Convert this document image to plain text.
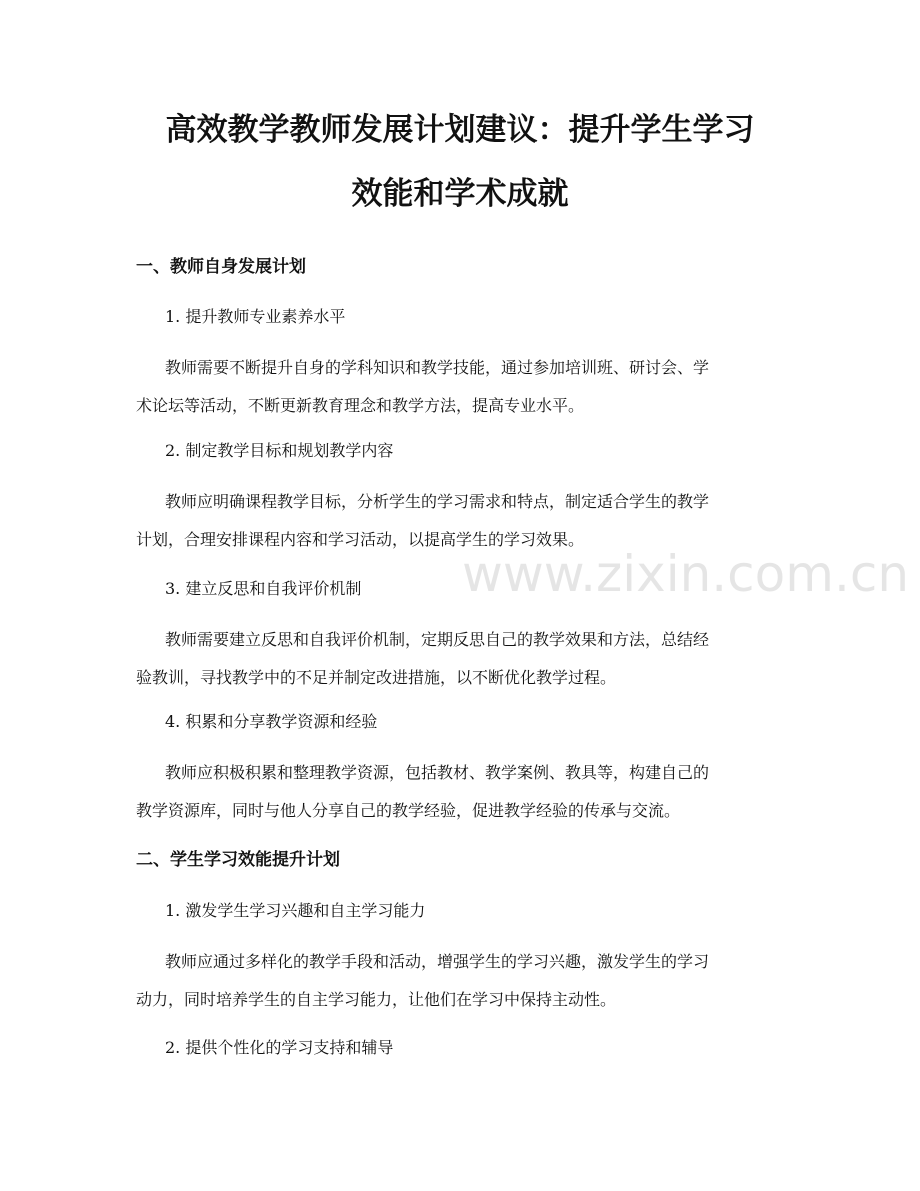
高效教学教师发展计划建议：提升学生学习
效能和学术成就
一、教师自身发展计划
1. 提升教师专业素养水平
教师需要不断提升自身的学科知识和教学技能，通过参加培训班、研讨会、学
术论坛等活动，不断更新教育理念和教学方法，提高专业水平。
2. 制定教学目标和规划教学内容
教师应明确课程教学目标，分析学生的学习需求和特点，制定适合学生的教学
计划，合理安排课程内容和学习活动，以提高学生的学习效果。
3. 建立反思和自我评价机制
教师需要建立反思和自我评价机制，定期反思自己的教学效果和方法，总结经
验教训，寻找教学中的不足并制定改进措施，以不断优化教学过程。
4. 积累和分享教学资源和经验
教师应积极积累和整理教学资源，包括教材、教学案例、教具等，构建自己的
教学资源库，同时与他人分享自己的教学经验，促进教学经验的传承与交流。
二、学生学习效能提升计划
1. 激发学生学习兴趣和自主学习能力
教师应通过多样化的教学手段和活动，增强学生的学习兴趣，激发学生的学习
动力，同时培养学生的自主学习能力，让他们在学习中保持主动性。
2. 提供个性化的学习支持和辅导
www.zixin.com.cn
